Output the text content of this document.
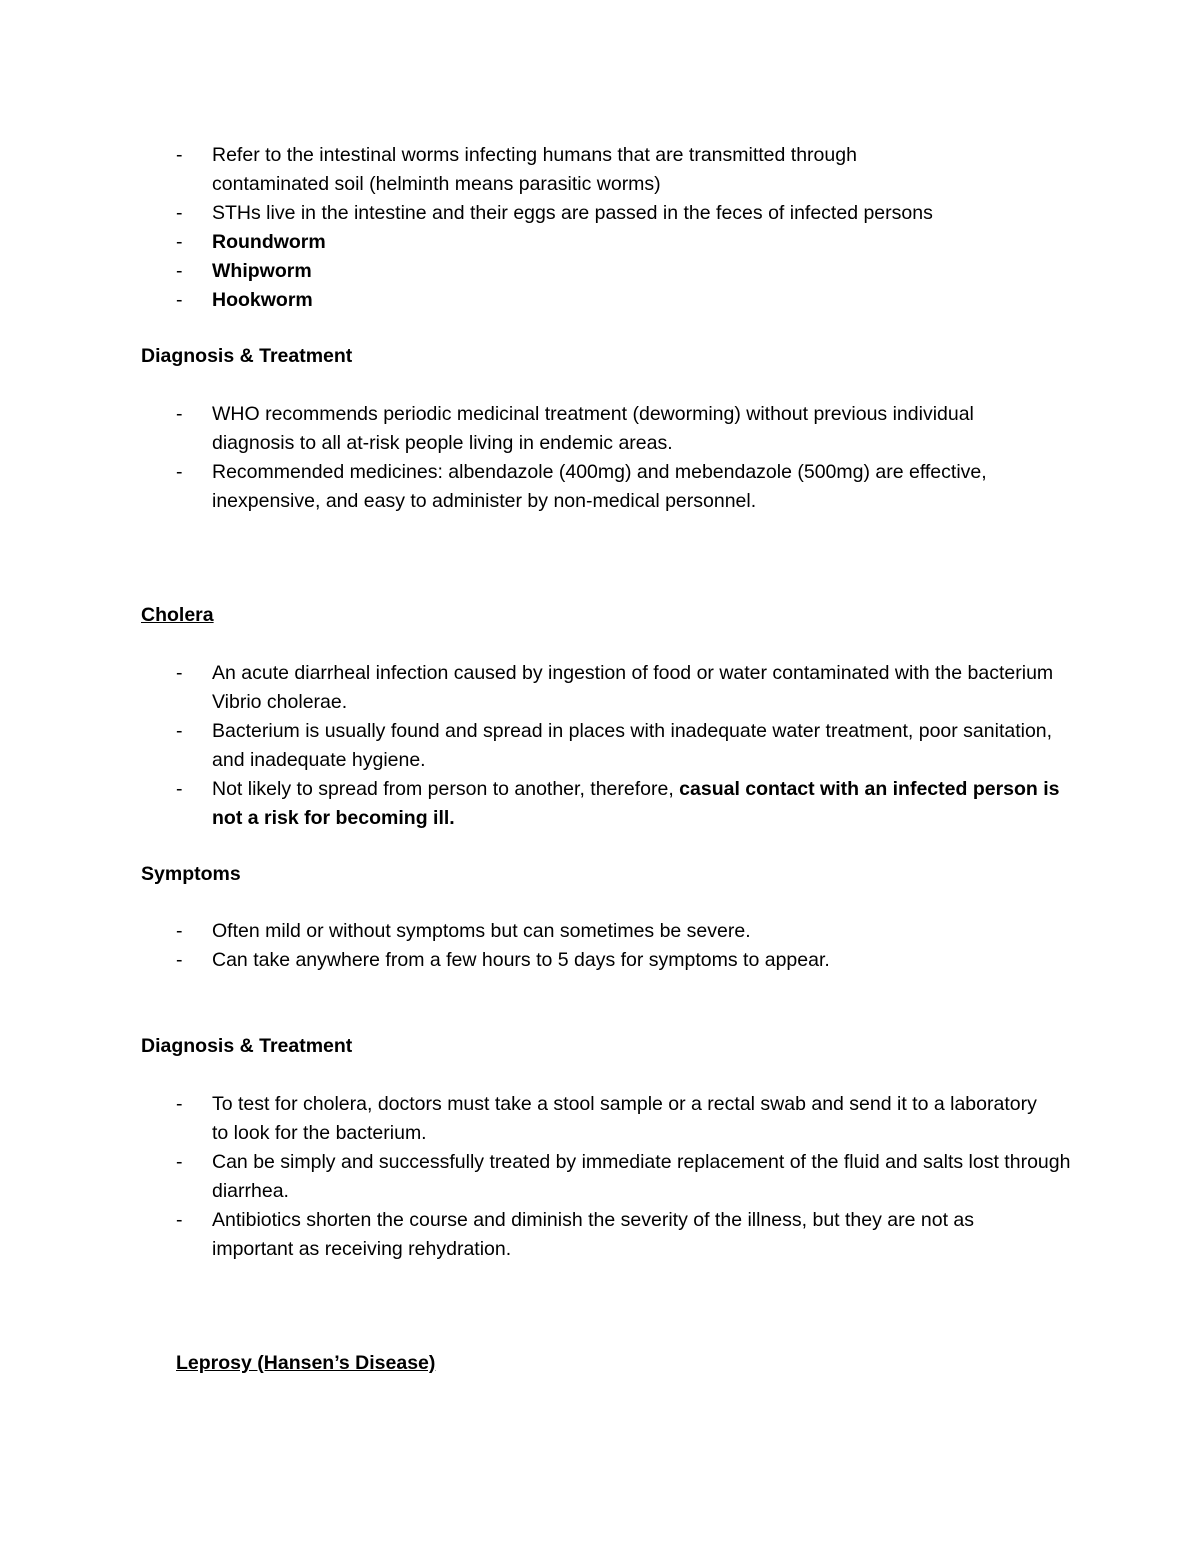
- Refer to the intestinal worms infecting humans that are transmitted through contaminated soil (helminth means parasitic worms)
- STHs live in the intestine and their eggs are passed in the feces of infected persons
- Roundworm
- Whipworm
- Hookworm
Diagnosis & Treatment
- WHO recommends periodic medicinal treatment (deworming) without previous individual diagnosis to all at-risk people living in endemic areas.
- Recommended medicines: albendazole (400mg) and mebendazole (500mg) are effective, inexpensive, and easy to administer by non-medical personnel.
Cholera
- An acute diarrheal infection caused by ingestion of food or water contaminated with the bacterium Vibrio cholerae.
- Bacterium is usually found and spread in places with inadequate water treatment, poor sanitation, and inadequate hygiene.
- Not likely to spread from person to another, therefore, casual contact with an infected person is not a risk for becoming ill.
Symptoms
- Often mild or without symptoms but can sometimes be severe.
- Can take anywhere from a few hours to 5 days for symptoms to appear.
Diagnosis & Treatment
- To test for cholera, doctors must take a stool sample or a rectal swab and send it to a laboratory to look for the bacterium.
- Can be simply and successfully treated by immediate replacement of the fluid and salts lost through diarrhea.
- Antibiotics shorten the course and diminish the severity of the illness, but they are not as important as receiving rehydration.
Leprosy (Hansen’s Disease)
